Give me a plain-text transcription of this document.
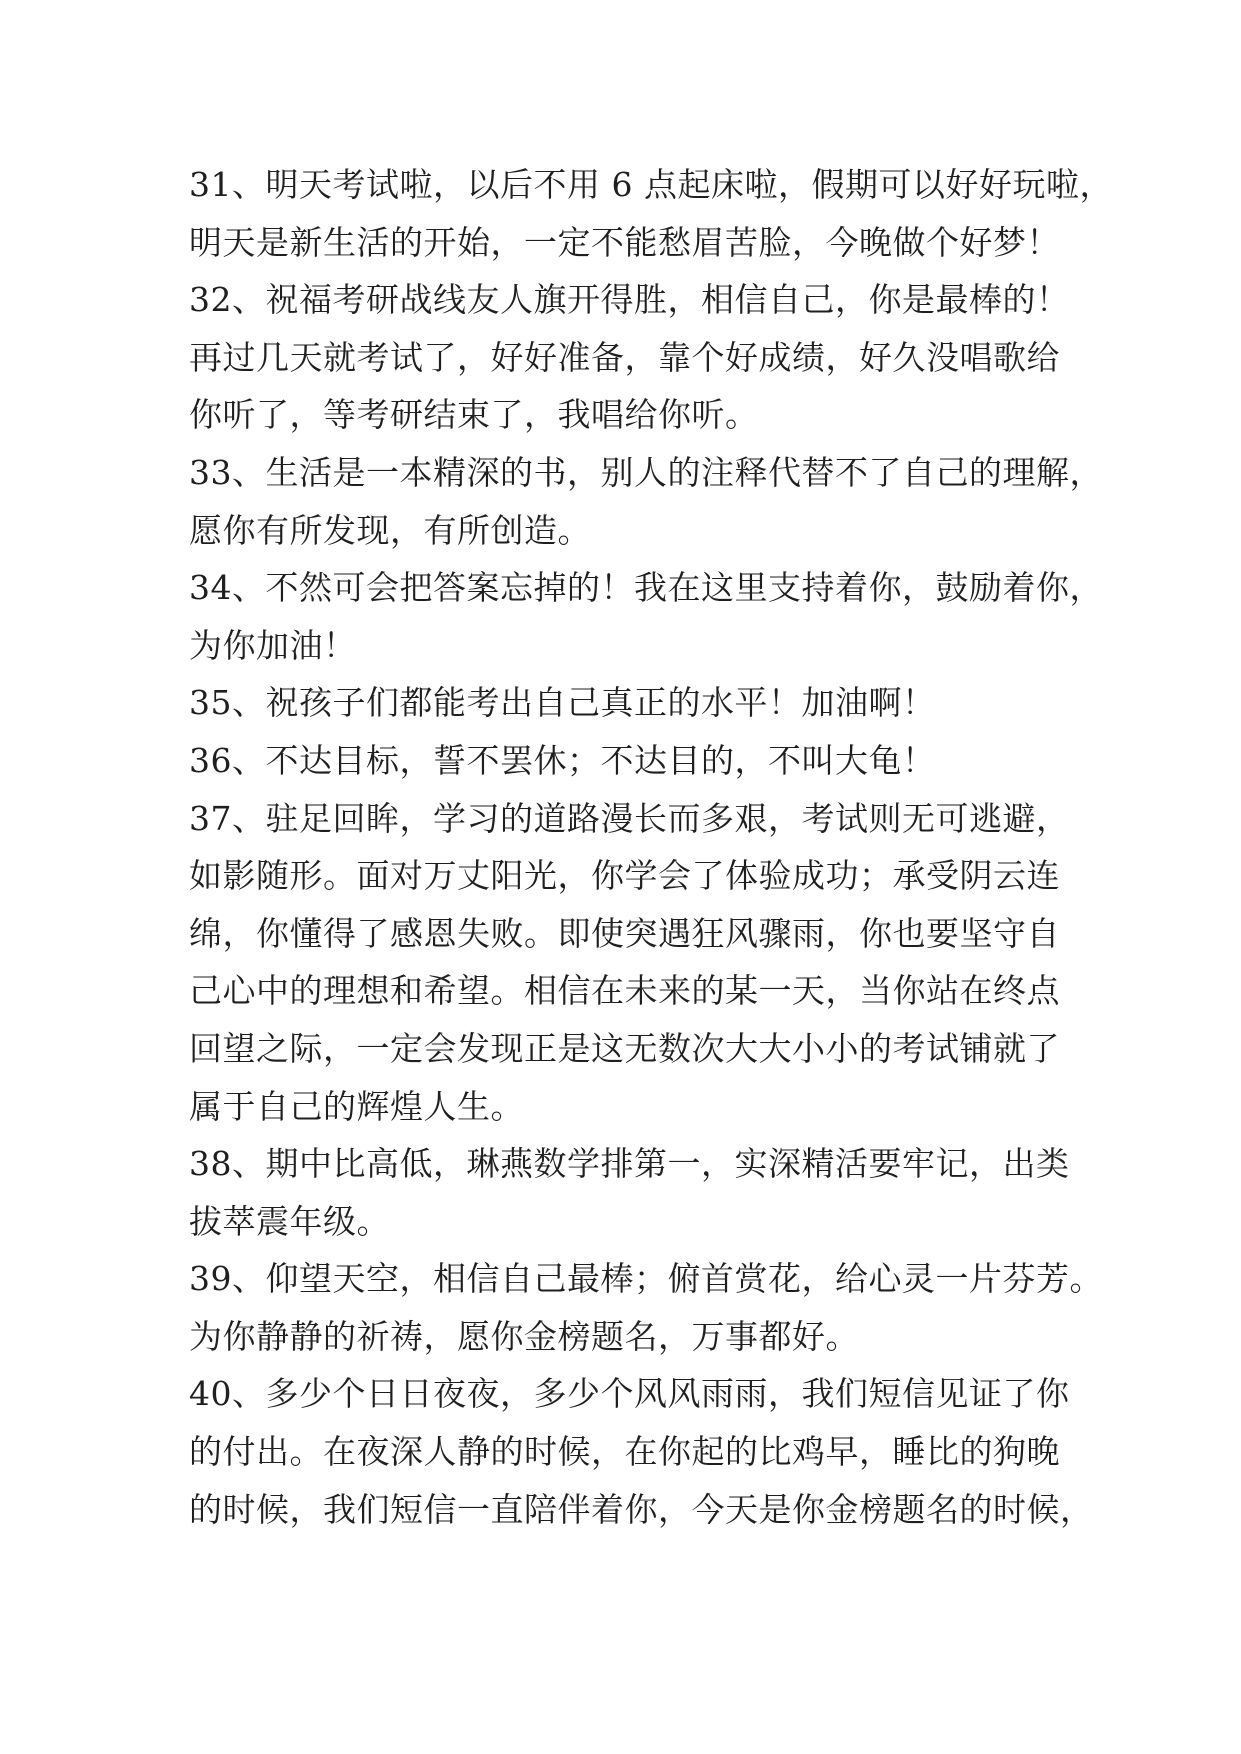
31、明天考试啦，以后不用 6 点起床啦，假期可以好好玩啦，
明天是新生活的开始，一定不能愁眉苦脸，今晚做个好梦！
32、祝福考研战线友人旗开得胜，相信自己，你是最棒的！
再过几天就考试了，好好准备，靠个好成绩，好久没唱歌给
你听了，等考研结束了，我唱给你听。
33、生活是一本精深的书，别人的注释代替不了自己的理解，
愿你有所发现，有所创造。
34、不然可会把答案忘掉的！我在这里支持着你，鼓励着你，
为你加油！
35、祝孩子们都能考出自己真正的水平！加油啊！
36、不达目标，誓不罢休；不达目的，不叫大龟！
37、驻足回眸，学习的道路漫长而多艰，考试则无可逃避，
如影随形。面对万丈阳光，你学会了体验成功；承受阴云连
绵，你懂得了感恩失败。即使突遇狂风骤雨，你也要坚守自
己心中的理想和希望。相信在未来的某一天，当你站在终点
回望之际，一定会发现正是这无数次大大小小的考试铺就了
属于自己的辉煌人生。
38、期中比高低，琳燕数学排第一，实深精活要牢记，出类
拔萃震年级。
39、仰望天空，相信自己最棒；俯首赏花，给心灵一片芬芳。
为你静静的祈祷，愿你金榜题名，万事都好。
40、多少个日日夜夜，多少个风风雨雨，我们短信见证了你
的付出。在夜深人静的时候，在你起的比鸡早，睡比的狗晚
的时候，我们短信一直陪伴着你，今天是你金榜题名的时候，
